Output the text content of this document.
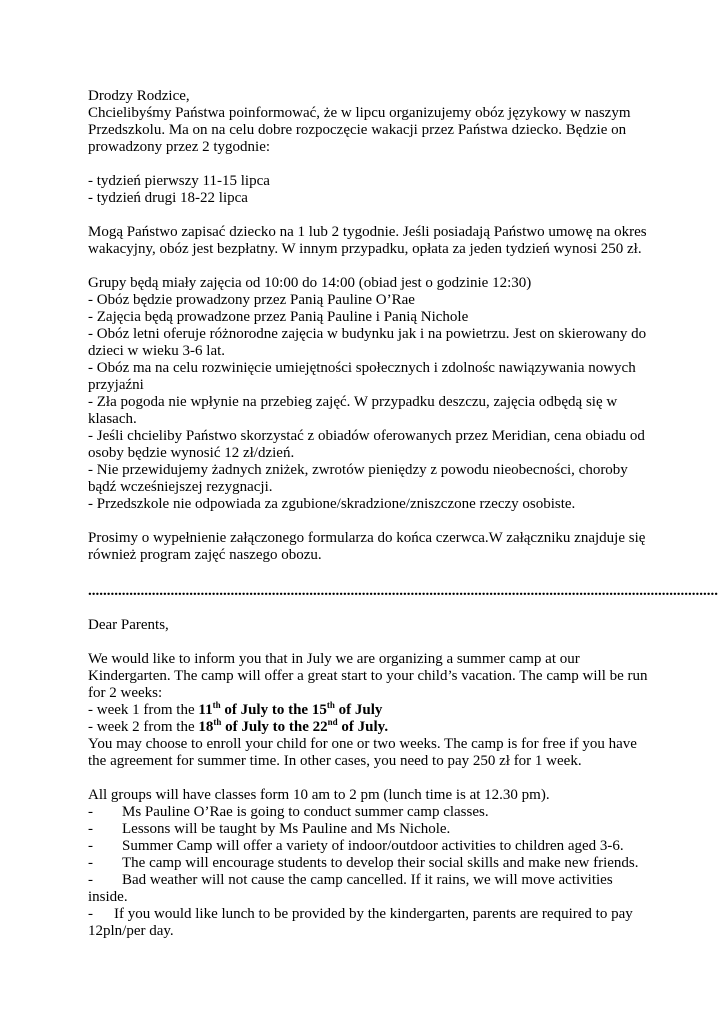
Drodzy Rodzice,

Chcielibyśmy Państwa poinformować, że w lipcu organizujemy obóz językowy w naszym Przedszkolu. Ma on na celu dobre rozpoczęcie wakacji przez Państwa dziecko. Będzie on prowadzony przez 2 tygodnie:

- tydzień pierwszy 11-15 lipca

- tydzień drugi 18-22 lipca

Mogą Państwo zapisać dziecko na 1 lub 2 tygodnie. Jeśli posiadają Państwo umowę na okres wakacyjny, obóz jest bezpłatny. W innym przypadku, opłata za jeden tydzień wynosi 250 zł.

Grupy będą miały zajęcia od 10:00 do 14:00 (obiad jest o godzinie 12:30)

- Obóz będzie prowadzony przez Panią Pauline O’Rae

- Zajęcia będą prowadzone przez Panią Pauline i Panią Nichole

- Obóz letni oferuje różnorodne zajęcia w budynku jak i na powietrzu. Jest on skierowany do dzieci w wieku 3-6 lat.

- Obóz ma na celu rozwinięcie umiejętności społecznych i zdolnośc nawiązywania nowych przyjaźni

- Zła pogoda nie wpłynie na przebieg zajęć. W przypadku deszczu, zajęcia odbędą się w klasach.

- Jeśli chcieliby Państwo skorzystać z obiadów oferowanych przez Meridian, cena obiadu od osoby będzie wynosić 12 zł/dzień.

- Nie przewidujemy żadnych zniżek, zwrotów pieniędzy z powodu nieobecności, choroby bądź wcześniejszej rezygnacji.

- Przedszkole nie odpowiada za zgubione/skradzione/zniszczone rzeczy osobiste.

Prosimy o wypełnienie załączonego formularza do końca czerwca.W załączniku znajduje się również program zajęć naszego obozu.

........................................................................................................................................................................

Dear Parents,

We would like to inform you that in July we are organizing a summer camp at our Kindergarten. The camp will offer a great start to your child’s vacation. The camp will be run for 2 weeks:

- week 1 from the 11th of July to the 15th of July

- week 2 from the 18th of July to the 22nd of July.

You may choose to enroll your child for one or two weeks. The camp is for free if you have the agreement for summer time. In other cases, you need to pay 250 zł for 1 week.

All groups will have classes form 10 am to 2 pm (lunch time is at 12.30 pm).

- Ms Pauline O’Rae is going to conduct summer camp classes.

- Lessons will be taught by Ms Pauline and Ms Nichole.

- Summer Camp will offer a variety of indoor/outdoor activities to children aged 3-6.

- The camp will encourage students to develop their social skills and make new friends.

- Bad weather will not cause the camp cancelled. If it rains, we will move activities inside.

- If you would like lunch to be provided by the kindergarten, parents are required to pay 12pln/per day.
